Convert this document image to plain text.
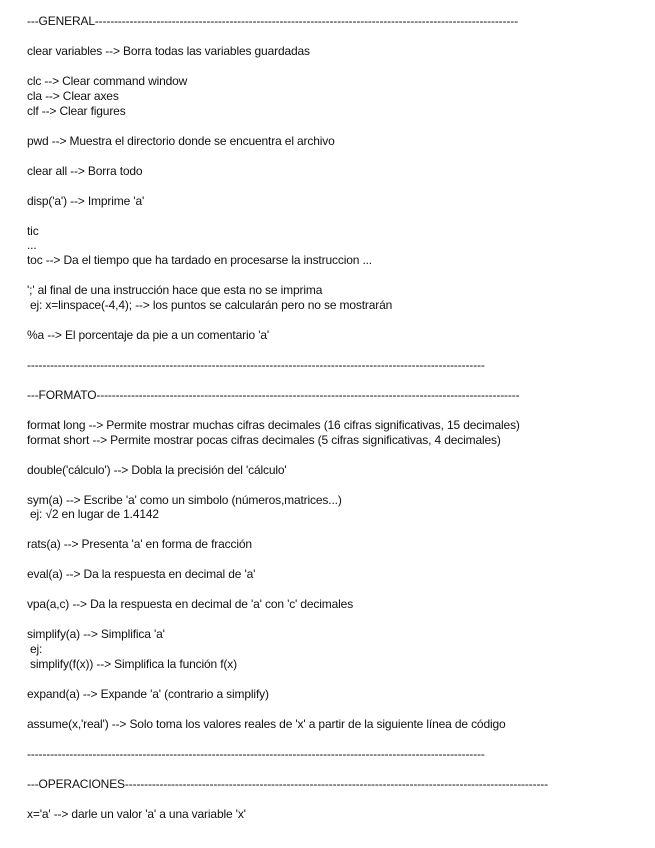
---GENERAL--------------------------------------------------------------------------------------------------------------
clear variables --> Borra todas las variables guardadas
clc --> Clear command window
cla --> Clear axes
clf --> Clear figures
pwd --> Muestra el directorio donde se encuentra el archivo
clear all --> Borra todo
disp('a') --> Imprime 'a'
tic
...
toc --> Da el tiempo que ha tardado en procesarse la instruccion ...
';' al final de una instrucción hace que esta no se imprima
ej: x=linspace(-4,4); --> los puntos se calcularán pero no se mostrarán
%a --> El porcentaje da pie a un comentario 'a'
-----------------------------------------------------------------------------------------------------------------------
---FORMATO--------------------------------------------------------------------------------------------------------------
format long --> Permite mostrar muchas cifras decimales (16 cifras significativas, 15 decimales)
format short --> Permite mostrar pocas cifras decimales (5 cifras significativas, 4 decimales)
double('cálculo') --> Dobla la precisión del 'cálculo'
sym(a) --> Escribe 'a' como un simbolo (números,matrices...)
ej: √2 en lugar de 1.4142
rats(a) --> Presenta 'a' en forma de fracción
eval(a) --> Da la respuesta en decimal de 'a'
vpa(a,c) --> Da la respuesta en decimal de 'a' con 'c' decimales
simplify(a) --> Simplifica 'a'
ej:
simplify(f(x)) --> Simplifica la función f(x)
expand(a) --> Expande 'a' (contrario a simplify)
assume(x,'real') --> Solo toma los valores reales de 'x' a partir de la siguiente línea de código
-----------------------------------------------------------------------------------------------------------------------
---OPERACIONES--------------------------------------------------------------------------------------------------------------
x='a' --> darle un valor 'a' a una variable 'x'
